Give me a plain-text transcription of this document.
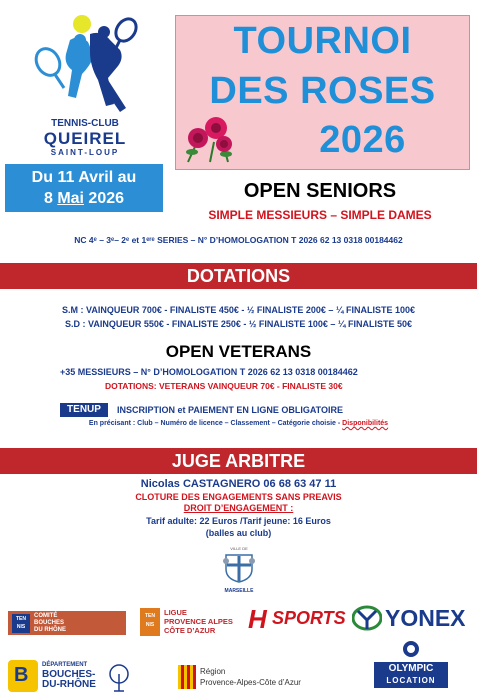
TENNIS-CLUB
QUEIREL
SAINT-LOUP
TOURNOI
DES ROSES
2026
Du 11 Avril au
8 Mai 2026	OPEN SENIORS
SIMPLE MESSIEURS – SIMPLE DAMES
NC 4ᵉ – 3ᵉ– 2ᵉ et 1ᵉʳᵉ SERIES – N° D’HOMOLOGATION T 2026 62 13 0318 00184462
DOTATIONS
S.M : VAINQUEUR 700€ - FINALISTE 450€ - ½ FINALISTE 200€ – ¼ FINALISTE 100€
S.D : VAINQUEUR 550€ - FINALISTE 250€ - ½ FINALISTE 100€ – ¼ FINALISTE 50€
OPEN VETERANS
+35 MESSIEURS – N° D’HOMOLOGATION T 2026 62 13 0318 00184462
DOTATIONS: VETERANS VAINQUEUR 70€ - FINALISTE 30€
TENUP	INSCRIPTION et PAIEMENT EN LIGNE OBLIGATOIRE
En précisant : Club – Numéro de licence – Classement – Catégorie choisie - Disponibilités
JUGE ARBITRE
Nicolas CASTAGNERO 06 68 63 47 11
CLOTURE DES ENGAGEMENTS SANS PREAVIS
DROIT D’ENGAGEMENT :
Tarif adulte: 22 Euros /Tarif jeune: 16 Euros
(balles au club)
VILLE DE
MARSEILLE
TEN
NIS
COMITÉ
BOUCHES
DU RHÔNE
TEN
NIS
LIGUE
PROVENCE ALPES
CÔTE D’AZUR	H SPORTS YONEX
B DÉPARTEMENT
BOUCHES-
DU-RHÔNE
Région
Provence-Alpes-Côte d’Azur
OLYMPIC
LOCATION
